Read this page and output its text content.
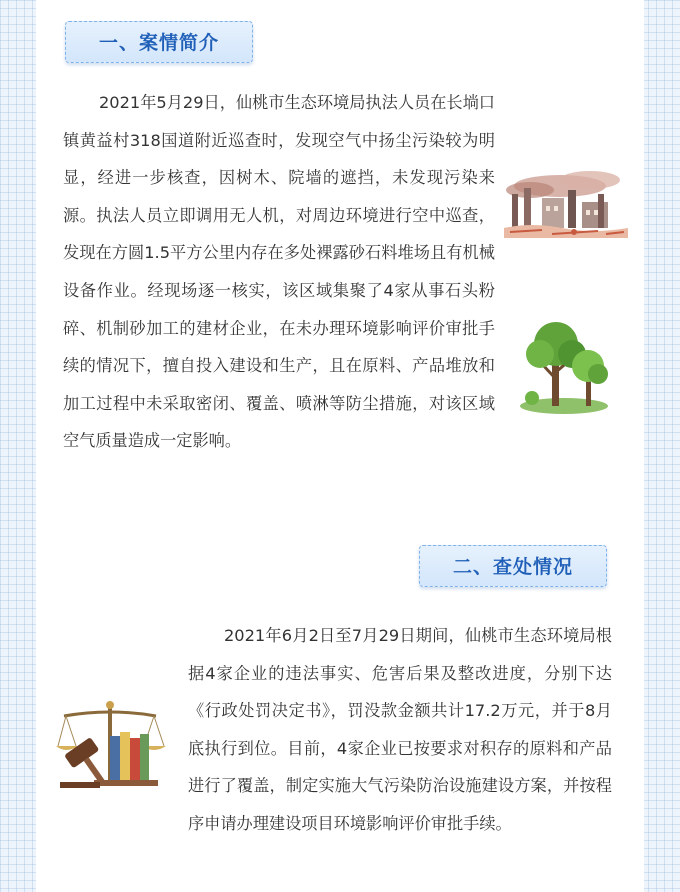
一、案情简介

2021年5月29日，仙桃市生态环境局执法人员在长埫口镇黄益村318国道附近巡查时，发现空气中扬尘污染较为明显，经进一步核查，因树木、院墙的遮挡，未发现污染来源。执法人员立即调用无人机，对周边环境进行空中巡查，发现在方圆1.5平方公里内存在多处裸露砂石料堆场且有机械设备作业。经现场逐一核实，该区域集聚了4家从事石头粉碎、机制砂加工的建材企业，在未办理环境影响评价审批手续的情况下，擅自投入建设和生产，且在原料、产品堆放和加工过程中未采取密闭、覆盖、喷淋等防尘措施，对该区域空气质量造成一定影响。

二、查处情况

2021年6月2日至7月29日期间，仙桃市生态环境局根据4家企业的违法事实、危害后果及整改进度，分别下达《行政处罚决定书》，罚没款金额共计17.2万元，并于8月底执行到位。目前，4家企业已按要求对积存的原料和产品进行了覆盖，制定实施大气污染防治设施建设方案，并按程序申请办理建设项目环境影响评价审批手续。
